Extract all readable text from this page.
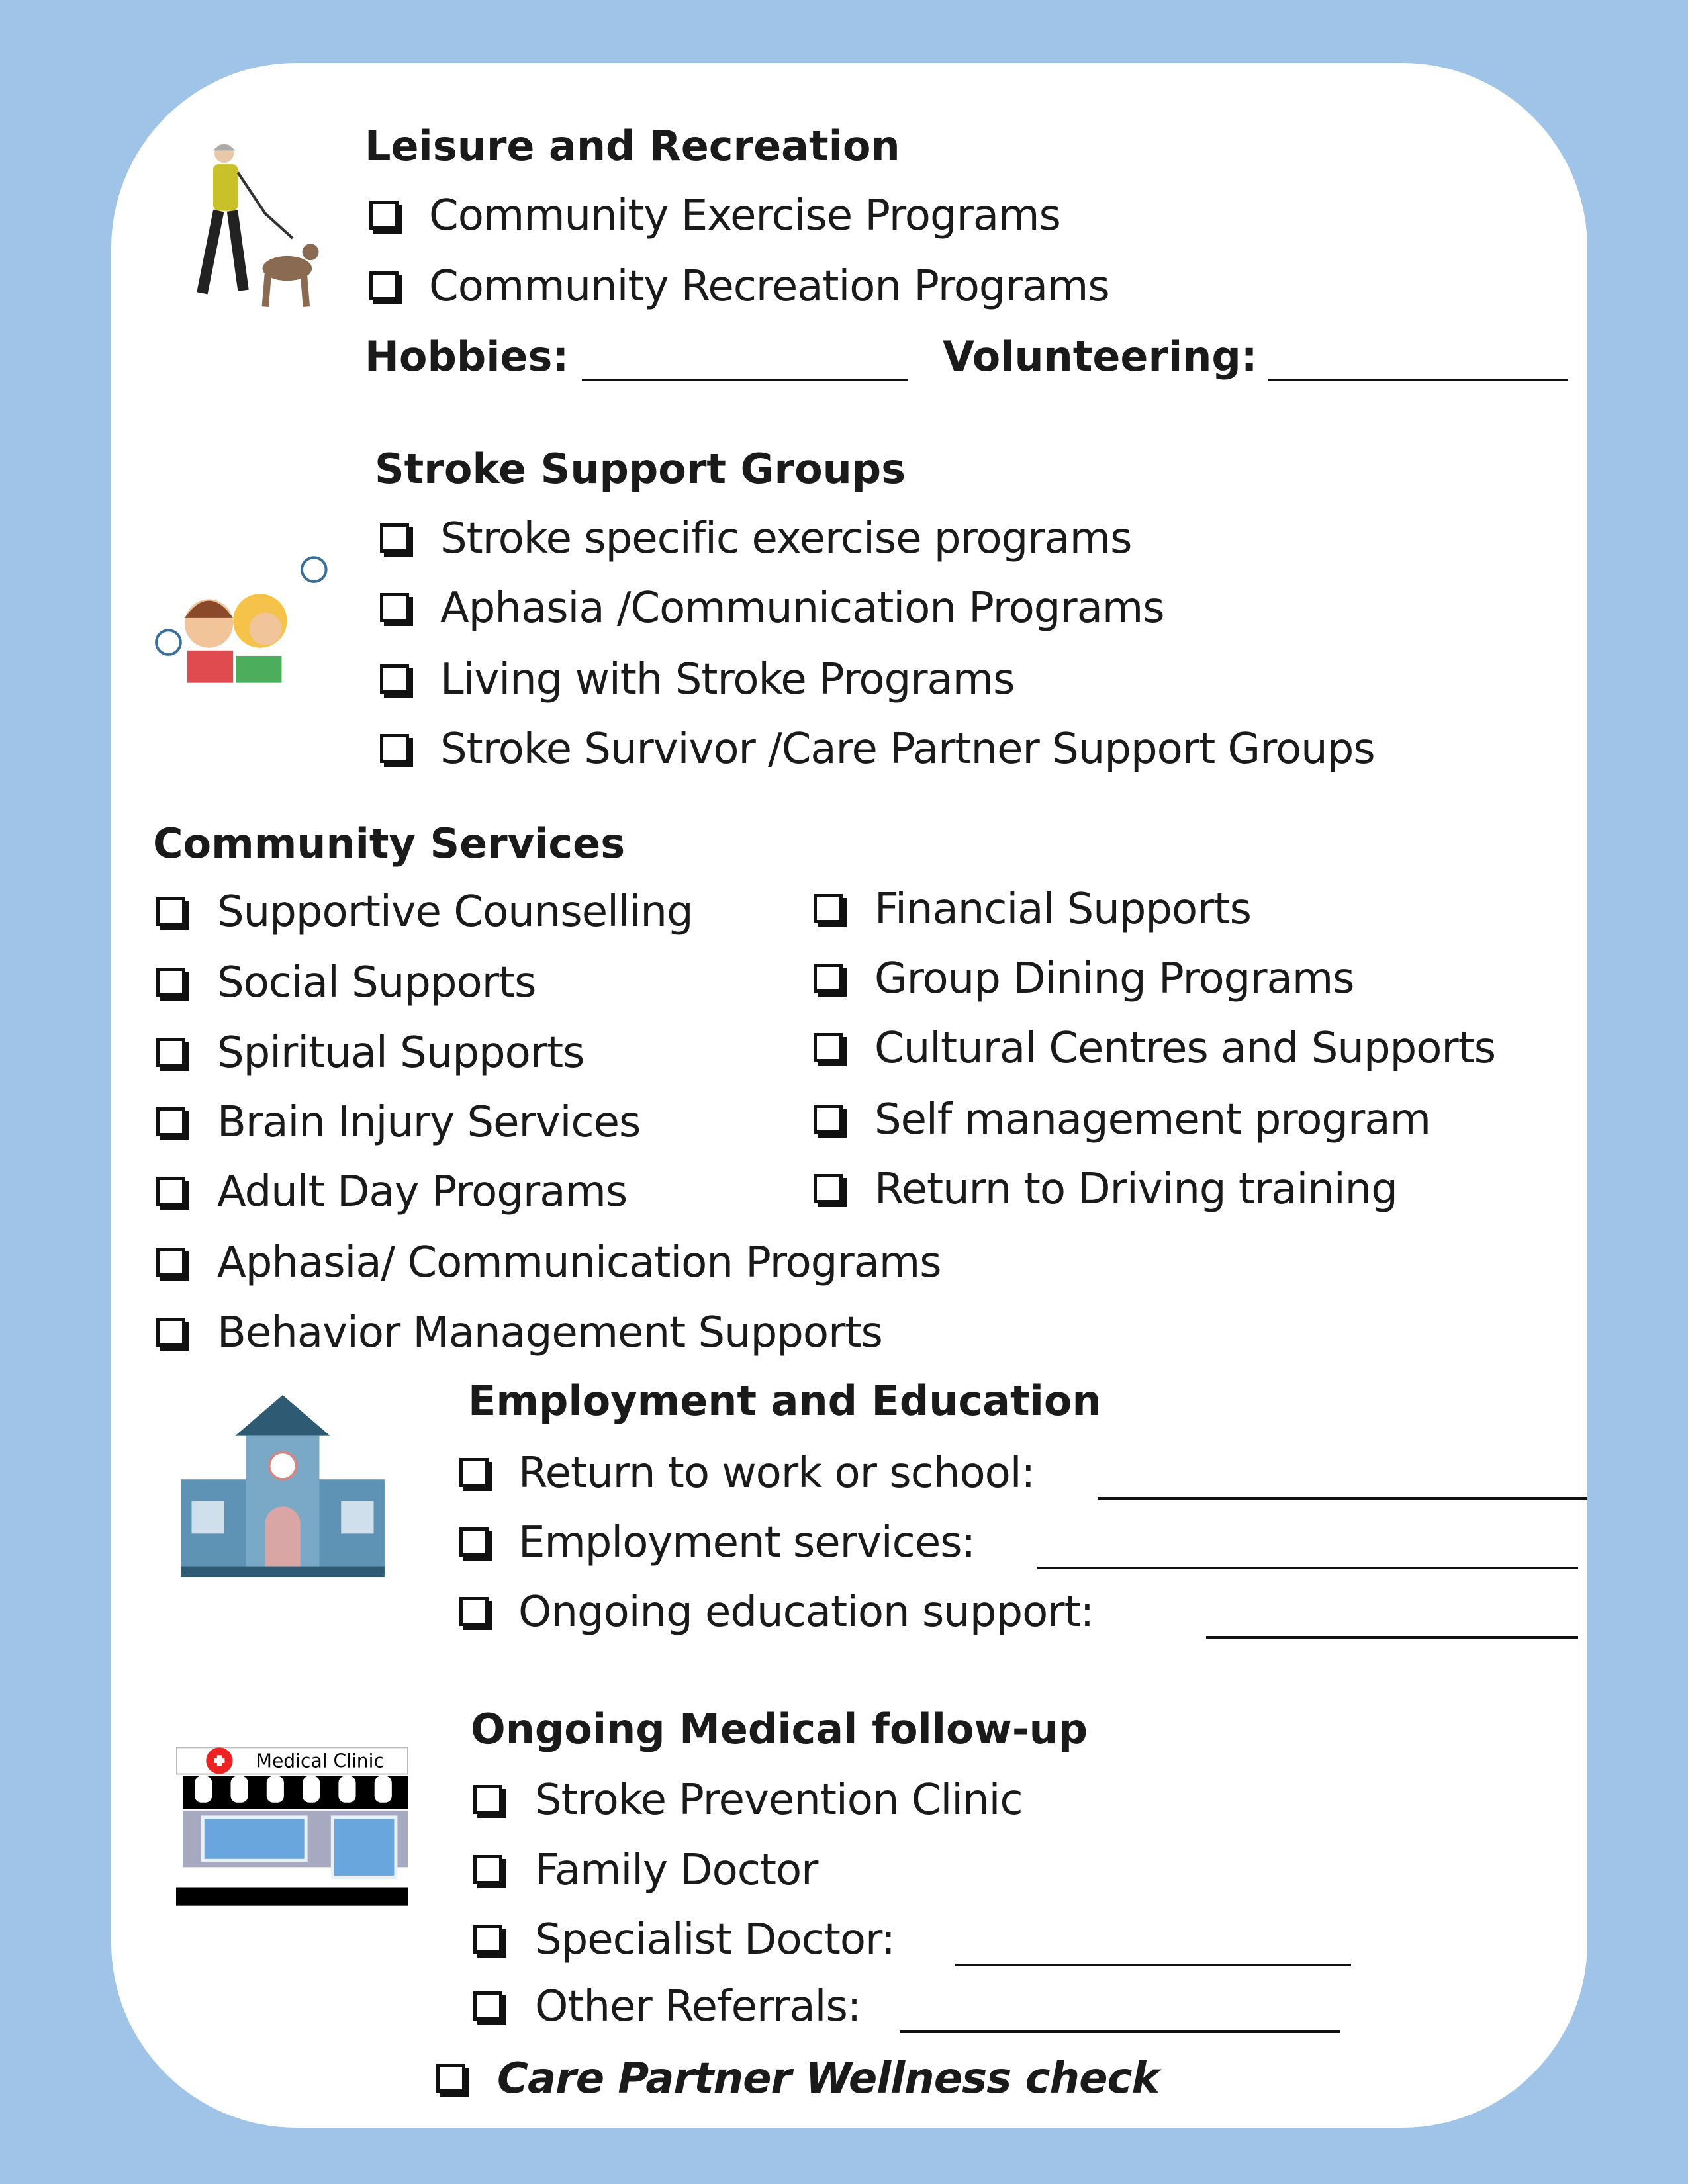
Medical Clinic
Leisure and Recreation
Community Exercise Programs
Community Recreation Programs
Hobbies:	Volunteering:
Stroke Support Groups
Stroke specific exercise programs
Aphasia /Communication Programs
Living with Stroke Programs
Stroke Survivor /Care Partner Support Groups
Community Services
Supportive Counselling
Social Supports
Spiritual Supports
Brain Injury Services
Adult Day Programs
Financial Supports
Group Dining Programs
Cultural Centres and Supports
Self management program
Return to Driving training
Aphasia/ Communication Programs
Behavior Management Supports
Employment and Education
Return to work or school:
Employment services:
Ongoing education support:
Ongoing Medical follow-up
Stroke Prevention Clinic
Family Doctor
Specialist Doctor:
Other Referrals:
Care Partner Wellness check
